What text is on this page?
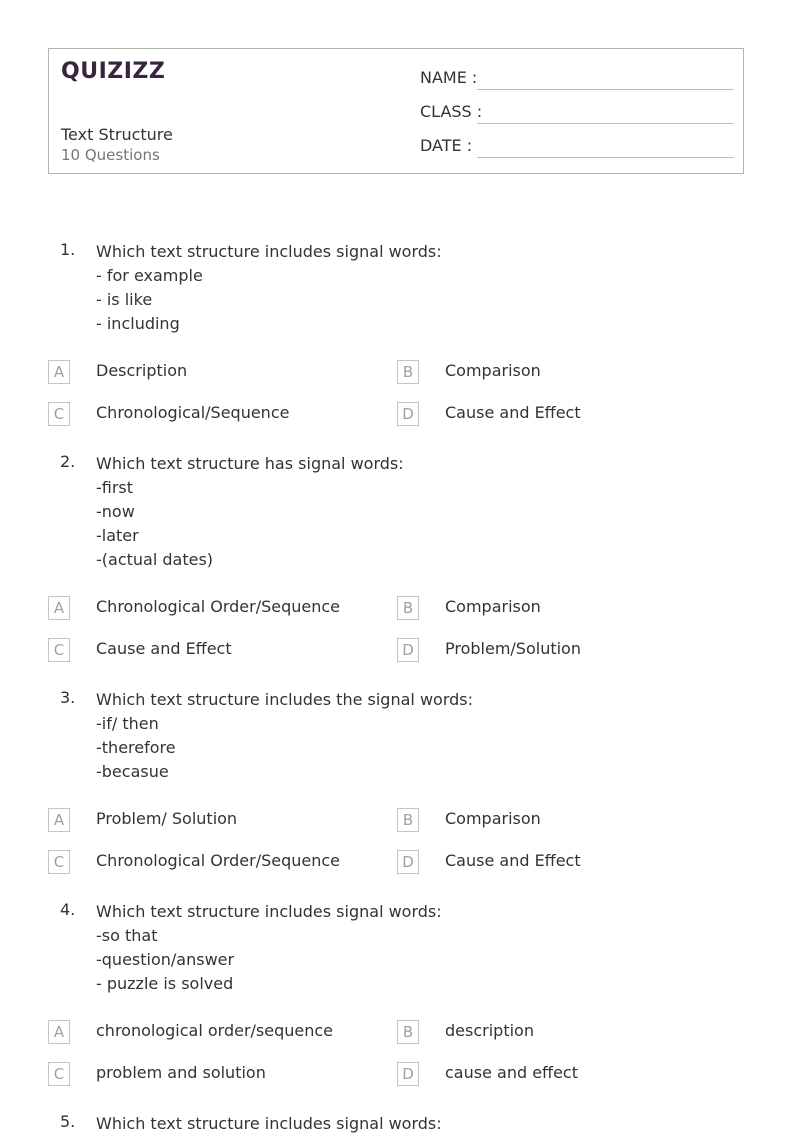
QUIZIZZ
Text Structure
10 Questions
NAME :
CLASS :
DATE :
1. Which text structure includes signal words:
- for example
- is like
- including
A	Description	B	Comparison
C	Chronological/Sequence	D	Cause and Effect
2. Which text structure has signal words:
-first
-now
-later
-(actual dates)
A	Chronological Order/Sequence	B	Comparison
C	Cause and Effect	D	Problem/Solution
3. Which text structure includes the signal words:
-if/ then
-therefore
-becasue
A	Problem/ Solution	B	Comparison
C	Chronological Order/Sequence	D	Cause and Effect
4. Which text structure includes signal words:
-so that
-question/answer
- puzzle is solved
A	chronological order/sequence	B	description
C	problem and solution	D	cause and effect
5. Which text structure includes signal words:
